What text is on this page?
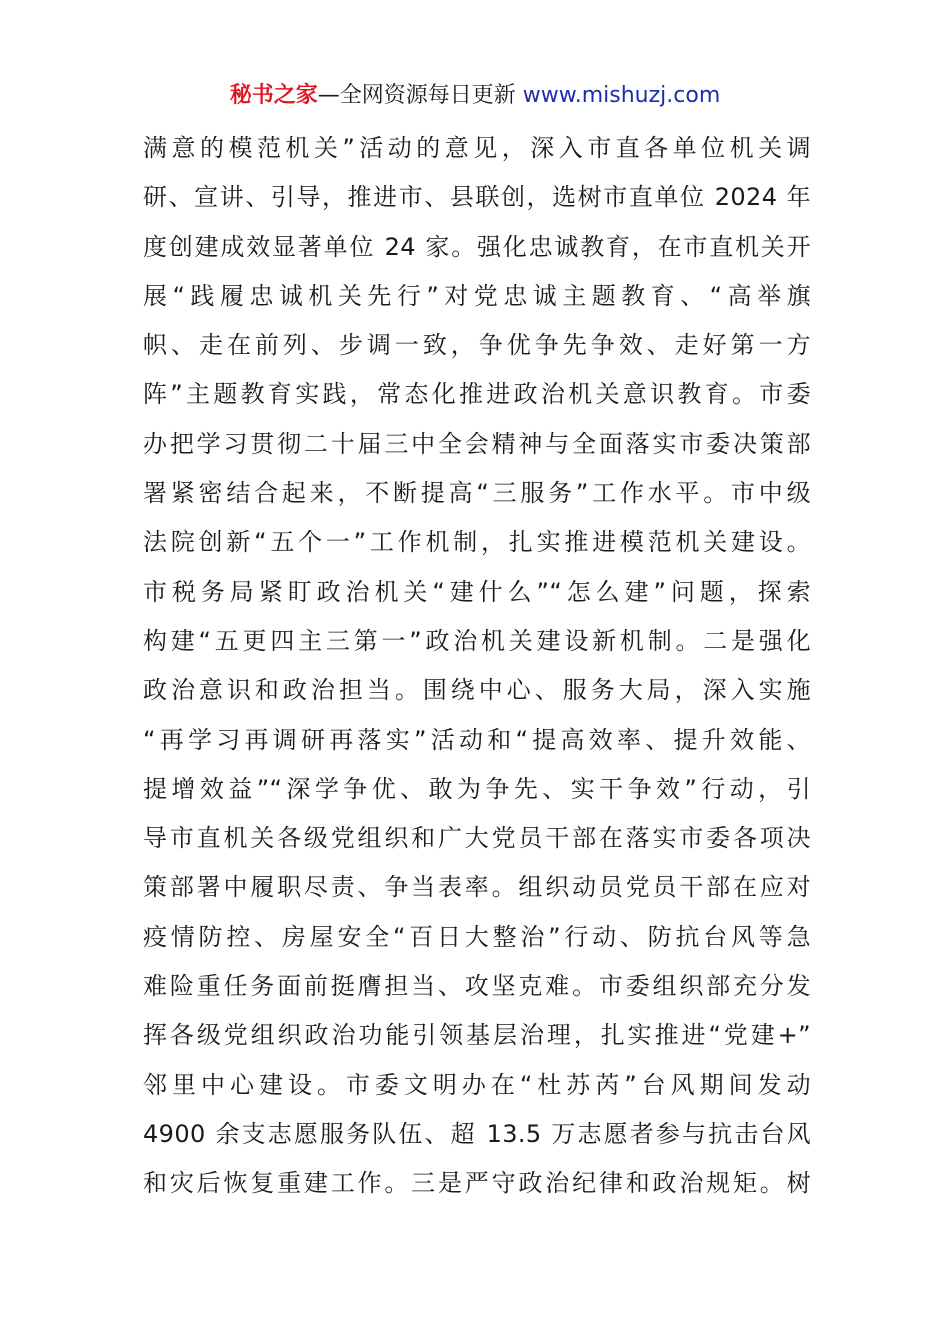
秘书之家—全网资源每日更新 www.mishuzj.com
满意的模范机关”活动的意见，深入市直各单位机关调
研、宣讲、引导，推进市、县联创，选树市直单位 2024 年
度创建成效显著单位 24 家。强化忠诚教育，在市直机关开
展“践履忠诚机关先行”对党忠诚主题教育、“高举旗
帜、走在前列、步调一致，争优争先争效、走好第一方
阵”主题教育实践，常态化推进政治机关意识教育。市委
办把学习贯彻二十届三中全会精神与全面落实市委决策部
署紧密结合起来，不断提高“三服务”工作水平。市中级
法院创新“五个一”工作机制，扎实推进模范机关建设。
市税务局紧盯政治机关“建什么”“怎么建”问题，探索
构建“五更四主三第一”政治机关建设新机制。二是强化
政治意识和政治担当。围绕中心、服务大局，深入实施
“再学习再调研再落实”活动和“提高效率、提升效能、
提增效益”“深学争优、敢为争先、实干争效”行动，引
导市直机关各级党组织和广大党员干部在落实市委各项决
策部署中履职尽责、争当表率。组织动员党员干部在应对
疫情防控、房屋安全“百日大整治”行动、防抗台风等急
难险重任务面前挺膺担当、攻坚克难。市委组织部充分发
挥各级党组织政治功能引领基层治理，扎实推进“党建+”
邻里中心建设。市委文明办在“杜苏芮”台风期间发动
4900 余支志愿服务队伍、超 13.5 万志愿者参与抗击台风
和灾后恢复重建工作。三是严守政治纪律和政治规矩。树
